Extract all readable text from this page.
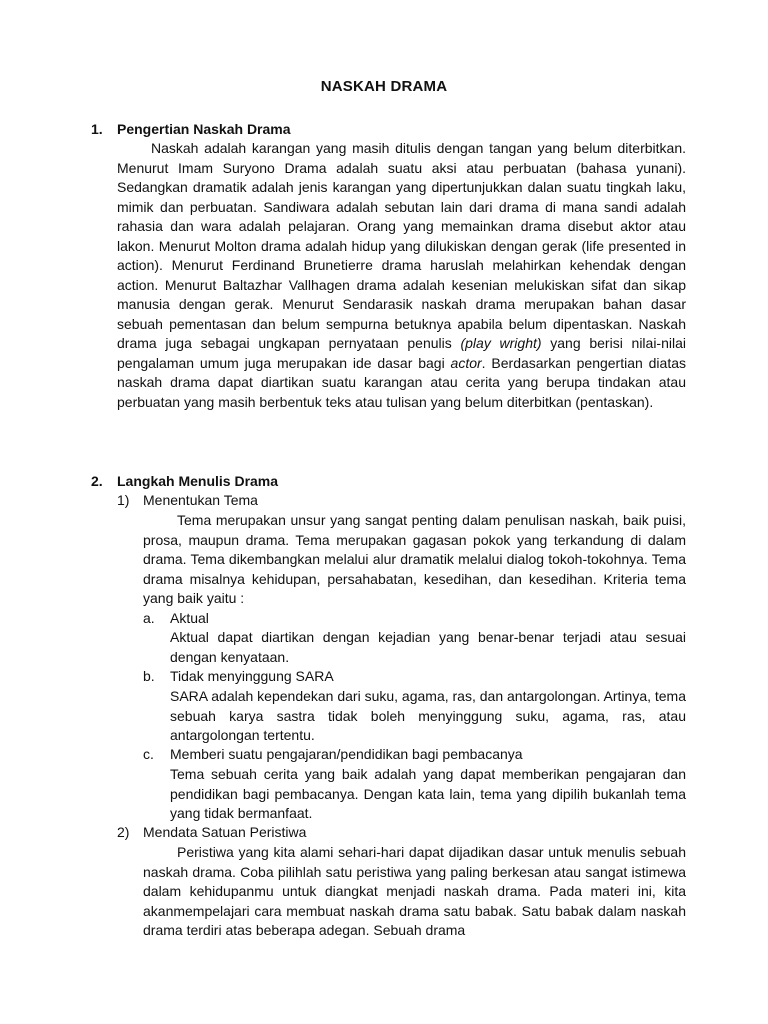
NASKAH DRAMA
1. Pengertian Naskah Drama
Naskah adalah karangan yang masih ditulis dengan tangan yang belum diterbitkan. Menurut Imam Suryono Drama adalah suatu aksi atau perbuatan (bahasa yunani). Sedangkan dramatik adalah jenis karangan yang dipertunjukkan dalan suatu tingkah laku, mimik dan perbuatan. Sandiwara adalah sebutan lain dari drama di mana sandi adalah rahasia dan wara adalah pelajaran. Orang yang memainkan drama disebut aktor atau lakon. Menurut Molton drama adalah hidup yang dilukiskan dengan gerak (life presented in action). Menurut Ferdinand Brunetierre drama haruslah melahirkan kehendak dengan action. Menurut Baltazhar Vallhagen drama adalah kesenian melukiskan sifat dan sikap manusia dengan gerak. Menurut Sendarasik naskah drama merupakan bahan dasar sebuah pementasan dan belum sempurna betuknya apabila belum dipentaskan. Naskah drama juga sebagai ungkapan pernyataan penulis (play wright) yang berisi nilai-nilai pengalaman umum juga merupakan ide dasar bagi actor. Berdasarkan pengertian diatas naskah drama dapat diartikan suatu karangan atau cerita yang berupa tindakan atau perbuatan yang masih berbentuk teks atau tulisan yang belum diterbitkan (pentaskan).
2. Langkah Menulis Drama
1) Menentukan Tema
Tema merupakan unsur yang sangat penting dalam penulisan naskah, baik puisi, prosa, maupun drama. Tema merupakan gagasan pokok yang terkandung di dalam drama. Tema dikembangkan melalui alur dramatik melalui dialog tokoh-tokohnya. Tema drama misalnya kehidupan, persahabatan, kesedihan, dan kesedihan. Kriteria tema yang baik yaitu :
a. Aktual
Aktual dapat diartikan dengan kejadian yang benar-benar terjadi atau sesuai dengan kenyataan.
b. Tidak menyinggung SARA
SARA adalah kependekan dari suku, agama, ras, dan antargolongan. Artinya, tema sebuah karya sastra tidak boleh menyinggung suku, agama, ras, atau antargolongan tertentu.
c. Memberi suatu pengajaran/pendidikan bagi pembacanya
Tema sebuah cerita yang baik adalah yang dapat memberikan pengajaran dan pendidikan bagi pembacanya. Dengan kata lain, tema yang dipilih bukanlah tema yang tidak bermanfaat.
2) Mendata Satuan Peristiwa
Peristiwa yang kita alami sehari-hari dapat dijadikan dasar untuk menulis sebuah naskah drama. Coba pilihlah satu peristiwa yang paling berkesan atau sangat istimewa dalam kehidupanmu untuk diangkat menjadi naskah drama. Pada materi ini, kita akanmempelajari cara membuat naskah drama satu babak. Satu babak dalam naskah drama terdiri atas beberapa adegan. Sebuah drama
